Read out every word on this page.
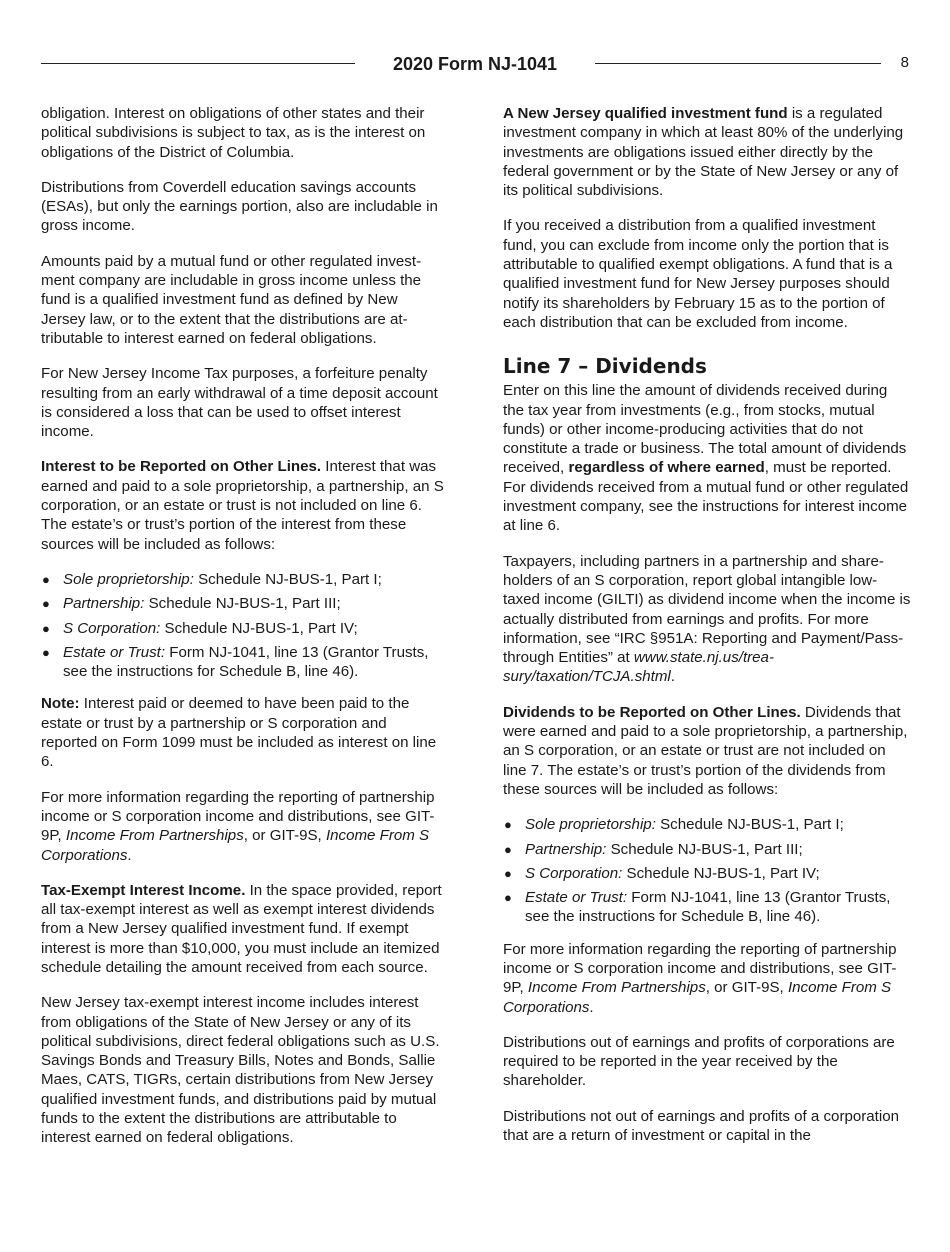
2020 Form NJ-1041	8

obligation. Interest on obligations of other states and their political subdivisions is subject to tax, as is the interest on obligations of the District of Columbia.

Distributions from Coverdell education savings accounts (ESAs), but only the earnings portion, also are includable in gross income.

Amounts paid by a mutual fund or other regulated investment company are includable in gross income unless the fund is a qualified investment fund as defined by New Jersey law, or to the extent that the distributions are attributable to interest earned on federal obligations.

For New Jersey Income Tax purposes, a forfeiture penalty resulting from an early withdrawal of a time deposit account is considered a loss that can be used to offset interest income.

Interest to be Reported on Other Lines. Interest that was earned and paid to a sole proprietorship, a partnership, an S corporation, or an estate or trust is not included on line 6. The estate’s or trust’s portion of the interest from these sources will be included as follows:

● Sole proprietorship: Schedule NJ-BUS-1, Part I;
● Partnership: Schedule NJ-BUS-1, Part III;
● S Corporation: Schedule NJ-BUS-1, Part IV;
● Estate or Trust: Form NJ-1041, line 13 (Grantor Trusts, see the instructions for Schedule B, line 46).

Note: Interest paid or deemed to have been paid to the estate or trust by a partnership or S corporation and reported on Form 1099 must be included as interest on line 6.

For more information regarding the reporting of partnership income or S corporation income and distributions, see GIT-9P, Income From Partnerships, or GIT-9S, Income From S Corporations.

Tax-Exempt Interest Income. In the space provided, report all tax-exempt interest as well as exempt interest dividends from a New Jersey qualified investment fund. If exempt interest is more than $10,000, you must include an itemized schedule detailing the amount received from each source.

New Jersey tax-exempt interest income includes interest from obligations of the State of New Jersey or any of its political subdivisions, direct federal obligations such as U.S. Savings Bonds and Treasury Bills, Notes and Bonds, Sallie Maes, CATS, TIGRs, certain distributions from New Jersey qualified investment funds, and distributions paid by mutual funds to the extent the distributions are attributable to interest earned on federal obligations.

A New Jersey qualified investment fund is a regulated investment company in which at least 80% of the underlying investments are obligations issued either directly by the federal government or by the State of New Jersey or any of its political subdivisions.

If you received a distribution from a qualified investment fund, you can exclude from income only the portion that is attributable to qualified exempt obligations. A fund that is a qualified investment fund for New Jersey purposes should notify its shareholders by February 15 as to the portion of each distribution that can be excluded from income.

Line 7 – Dividends

Enter on this line the amount of dividends received during the tax year from investments (e.g., from stocks, mutual funds) or other income-producing activities that do not constitute a trade or business. The total amount of dividends received, regardless of where earned, must be reported. For dividends received from a mutual fund or other regulated investment company, see the instructions for interest income at line 6.

Taxpayers, including partners in a partnership and shareholders of an S corporation, report global intangible low-taxed income (GILTI) as dividend income when the income is actually distributed from earnings and profits. For more information, see “IRC §951A: Reporting and Payment/Pass-through Entities” at www.state.nj.us/treasury/taxation/TCJA.shtml.

Dividends to be Reported on Other Lines. Dividends that were earned and paid to a sole proprietorship, a partnership, an S corporation, or an estate or trust are not included on line 7. The estate’s or trust’s portion of the dividends from these sources will be included as follows:

● Sole proprietorship: Schedule NJ-BUS-1, Part I;
● Partnership: Schedule NJ-BUS-1, Part III;
● S Corporation: Schedule NJ-BUS-1, Part IV;
● Estate or Trust: Form NJ-1041, line 13 (Grantor Trusts, see the instructions for Schedule B, line 46).

For more information regarding the reporting of partnership income or S corporation income and distributions, see GIT-9P, Income From Partnerships, or GIT-9S, Income From S Corporations.

Distributions out of earnings and profits of corporations are required to be reported in the year received by the shareholder.

Distributions not out of earnings and profits of a corporation that are a return of investment or capital in the
